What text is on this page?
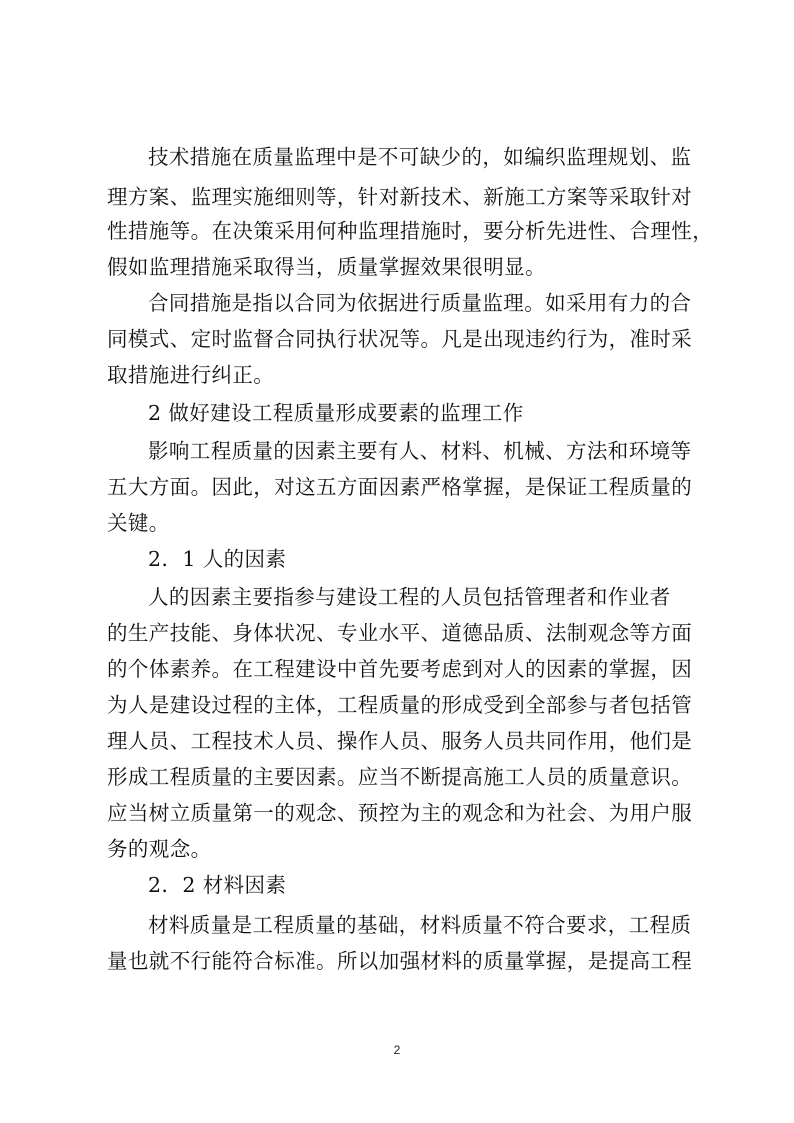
技术措施在质量监理中是不可缺少的，如编织监理规划、监
理方案、监理实施细则等，针对新技术、新施工方案等采取针对
性措施等。在决策采用何种监理措施时，要分析先进性、合理性，
假如监理措施采取得当，质量掌握效果很明显。
合同措施是指以合同为依据进行质量监理。如采用有力的合
同模式、定时监督合同执行状况等。凡是出现违约行为，准时采
取措施进行纠正。
2 做好建设工程质量形成要素的监理工作
影响工程质量的因素主要有人、材料、机械、方法和环境等
五大方面。因此，对这五方面因素严格掌握，是保证工程质量的
关键。
2．1 人的因素
人的因素主要指参与建设工程的人员包括管理者和作业者
的生产技能、身体状况、专业水平、道德品质、法制观念等方面
的个体素养。在工程建设中首先要考虑到对人的因素的掌握，因
为人是建设过程的主体，工程质量的形成受到全部参与者包括管
理人员、工程技术人员、操作人员、服务人员共同作用，他们是
形成工程质量的主要因素。应当不断提高施工人员的质量意识。
应当树立质量第一的观念、预控为主的观念和为社会、为用户服
务的观念。
2．2 材料因素
材料质量是工程质量的基础，材料质量不符合要求，工程质
量也就不行能符合标准。所以加强材料的质量掌握，是提高工程
2
